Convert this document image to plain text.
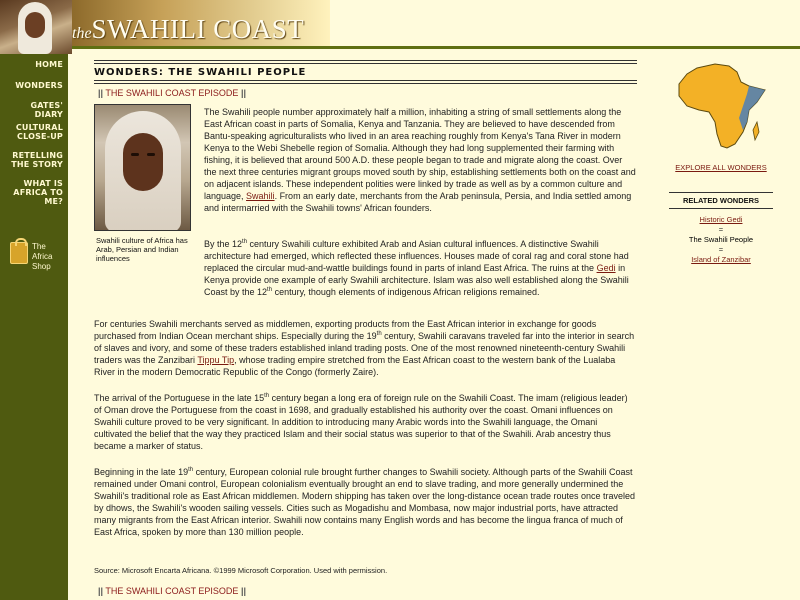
theSWAHILI COAST
HOME
WONDERS
GATES' DIARY
CULTURAL
CLOSE-UP
RETELLING
THE STORY
WHAT IS
AFRICA TO ME?
The
Africa
Shop
WONDERS: THE SWAHILI PEOPLE
|| THE SWAHILI COAST EPISODE ||
Swahili culture of Africa has Arab, Persian and Indian influences

The Swahili people number approximately half a million, inhabiting a string of small settlements along the East African coast in parts of Somalia, Kenya and Tanzania. They are believed to have descended from Bantu-speaking agriculturalists who lived in an area reaching roughly from Kenya's Tana River in modern Kenya to the Webi Shebelle region of Somalia. Although they had long supplemented their farming with fishing, it is believed that around 500 A.D. these people began to trade and migrate along the coast. Over the next three centuries migrant groups moved south by ship, establishing settlements both on the coast and on adjacent islands. These independent polities were linked by trade as well as by a common culture and language, Swahili. From an early date, merchants from the Arab peninsula, Persia, and India settled among and intermarried with the Swahili towns' African founders.

By the 12th century Swahili culture exhibited Arab and Asian cultural influences. A distinctive Swahili architecture had emerged, which reflected these influences. Houses made of coral rag and coral stone had replaced the circular mud-and-wattle buildings found in parts of inland East Africa. The ruins at the Gedi in Kenya provide one example of early Swahili architecture. Islam was also well established along the Swahili Coast by the 12th century, though elements of indigenous African religions remained.

For centuries Swahili merchants served as middlemen, exporting products from the East African interior in exchange for goods purchased from Indian Ocean merchant ships. Especially during the 19th century, Swahili caravans traveled far into the interior in search of slaves and ivory, and some of these traders established inland trading posts. One of the most renowned nineteenth-century Swahili traders was the Zanzibari Tippu Tip, whose trading empire stretched from the East African coast to the western bank of the Lualaba River in the modern Democratic Republic of the Congo (formerly Zaire).

The arrival of the Portuguese in the late 15th century began a long era of foreign rule on the Swahili Coast. The imam (religious leader) of Oman drove the Portuguese from the coast in 1698, and gradually established his authority over the coast. Omani influences on Swahili culture proved to be very significant. In addition to introducing many Arabic words into the Swahili language, the Omani cultivated the belief that the way they practiced Islam and their social status was superior to that of the Swahili. Arab ancestry thus became a marker of status.

Beginning in the late 19th century, European colonial rule brought further changes to Swahili society. Although parts of the Swahili Coast remained under Omani control, European colonialism eventually brought an end to slave trading, and more generally undermined the Swahili's traditional role as East African middlemen. Modern shipping has taken over the long-distance ocean trade routes once traveled by dhows, the Swahili's wooden sailing vessels. Cities such as Mogadishu and Mombasa, now major industrial ports, have attracted many migrants from the East African interior. Swahili now contains many English words and has become the lingua franca of much of East Africa, spoken by more than 130 million people.

Source: Microsoft Encarta Africana. ©1999 Microsoft Corporation. Used with permission.
|| THE SWAHILI COAST EPISODE ||
EXPLORE ALL WONDERS
RELATED WONDERS
Historic Gedi
=
The Swahili People
=
Island of Zanzibar
